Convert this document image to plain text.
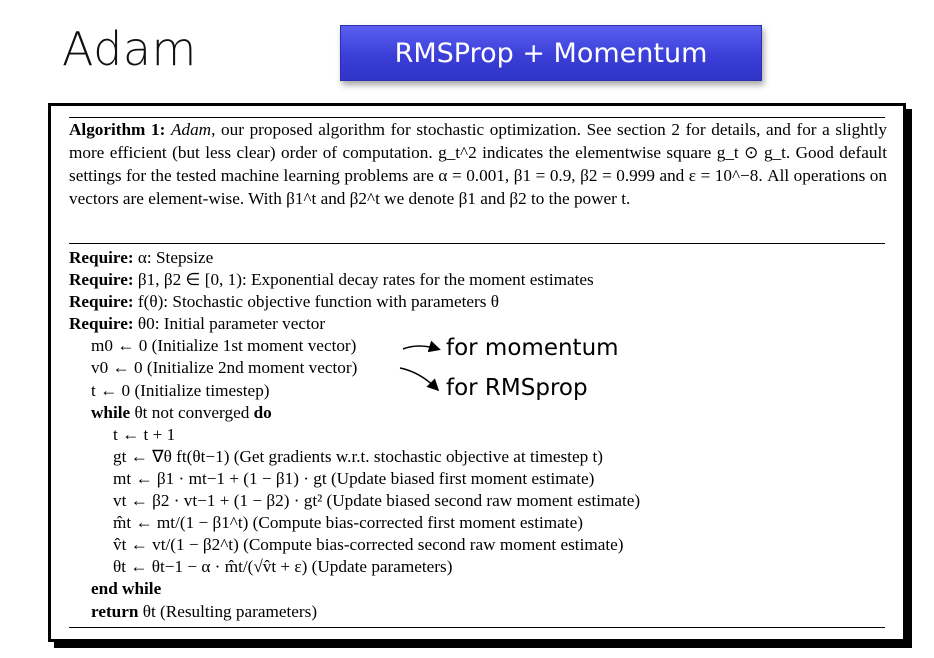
Adam	RMSProp + Momentum
Algorithm 1: Adam, our proposed algorithm for stochastic optimization. See section 2 for details, and for a slightly more efficient (but less clear) order of computation. g_t^2 indicates the elementwise square g_t ⊙ g_t. Good default settings for the tested machine learning problems are α = 0.001, β1 = 0.9, β2 = 0.999 and ε = 10^−8. All operations on vectors are element-wise. With β1^t and β2^t we denote β1 and β2 to the power t.
Require: α: Stepsize
Require: β1, β2 ∈ [0, 1): Exponential decay rates for the moment estimates
Require: f(θ): Stochastic objective function with parameters θ
Require: θ0: Initial parameter vector
m0 ← 0 (Initialize 1st moment vector)
v0 ← 0 (Initialize 2nd moment vector)
t ← 0 (Initialize timestep)
while θt not converged do
t ← t + 1
gt ← ∇θ ft(θt−1) (Get gradients w.r.t. stochastic objective at timestep t)
mt ← β1 · mt−1 + (1 − β1) · gt (Update biased first moment estimate)
vt ← β2 · vt−1 + (1 − β2) · gt² (Update biased second raw moment estimate)
m̂t ← mt/(1 − β1^t) (Compute bias-corrected first moment estimate)
v̂t ← vt/(1 − β2^t) (Compute bias-corrected second raw moment estimate)
θt ← θt−1 − α · m̂t/(√v̂t + ε) (Update parameters)
end while
return θt (Resulting parameters)
for momentum
for RMSprop
